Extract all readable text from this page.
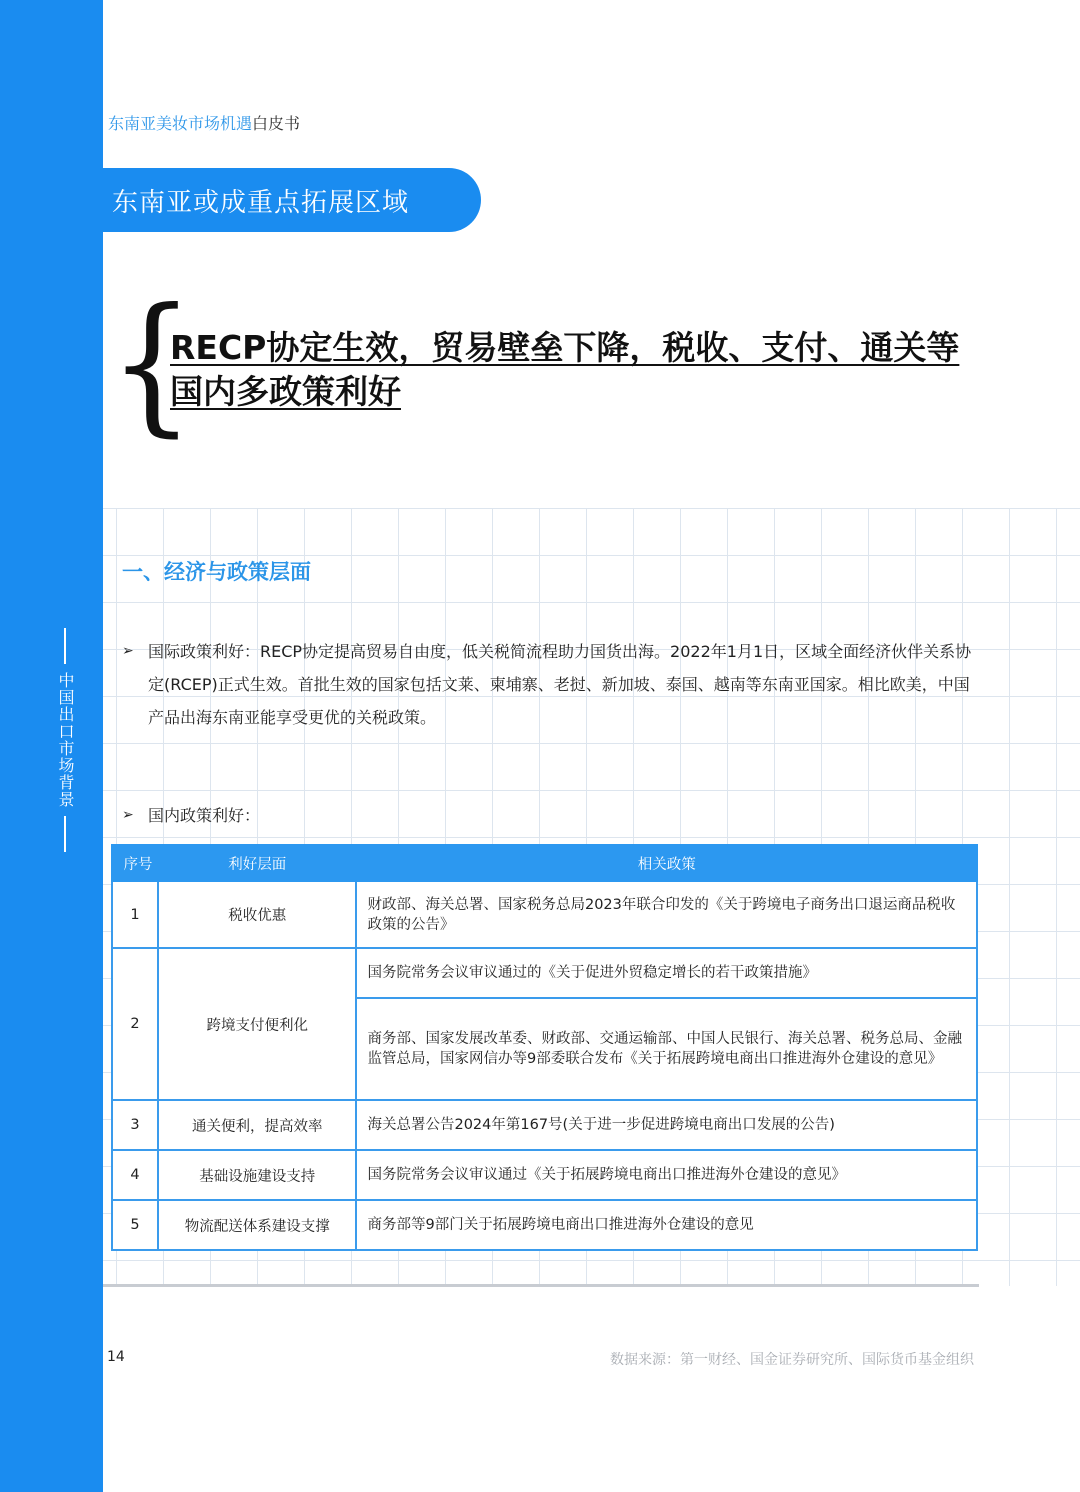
中国出口市场背景
东南亚美妆市场机遇白皮书
东南亚或成重点拓展区域
{
RECP协定生效，贸易壁垒下降，税收、支付、通关等国内多政策利好
一、经济与政策层面
➢ 国际政策利好：RECP协定提高贸易自由度，低关税简流程助力国货出海。2022年1月1日，区域全面经济伙伴关系协定(RCEP)正式生效。首批生效的国家包括文莱、柬埔寨、老挝、新加坡、泰国、越南等东南亚国家。相比欧美，中国产品出海东南亚能享受更优的关税政策。
➢ 国内政策利好：
序号	利好层面	相关政策
1	税收优惠	财政部、海关总署、国家税务总局2023年联合印发的《关于跨境电子商务出口退运商品税收政策的公告》
2	跨境支付便利化	国务院常务会议审议通过的《关于促进外贸稳定增长的若干政策措施》
		商务部、国家发展改革委、财政部、交通运输部、中国人民银行、海关总署、税务总局、金融监管总局，国家网信办等9部委联合发布《关于拓展跨境电商出口推进海外仓建设的意见》
3	通关便利，提高效率	海关总署公告2024年第167号(关于进一步促进跨境电商出口发展的公告)
4	基础设施建设支持	国务院常务会议审议通过《关于拓展跨境电商出口推进海外仓建设的意见》
5	物流配送体系建设支撑	商务部等9部门关于拓展跨境电商出口推进海外仓建设的意见
14	数据来源：第一财经、国金证券研究所、国际货币基金组织
